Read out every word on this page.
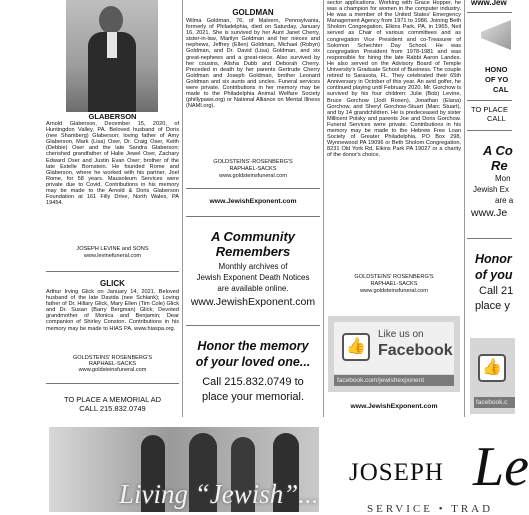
GLABERSON

Arnold Glaberson, December 15, 2020, of Huntingdon Valley, PA. Beloved husband of Doris (nee Shamberg) Glaberson; loving father of Amy Glaberson, Mark (Lisa) Oser, Dr. Craig Oser, Keith (Debbie) Oser and the late Sandra Glaberson; cherished grandfather of Halie Jewel Oser, Zachary Edward Oser and Justin Evan Oser; brother of the late Estelle Bornstein. He founded Rome and Glaberson, where he worked with his partner, Joel Rome, for 58 years. Mausoleum Services were private due to Covid. Contributions in his memory may be made to the Arnold & Doris Glaberson Foundation at 161 Filly Drive, North Wales, PA 19454.

JOSEPH LEVINE and SONS

www.levinefuneral.com

GLICK

Arthur Irving Glick on January 14, 2021. Beloved husband of the late Davida (nee Schlank); Loving father of Dr. Hillary Glick, Mary Ellen (Tim Cole) Glick and Dr. Susan (Barry Bergman) Glick; Devoted grandmother of Monica and Benjamin; Dear companion of Shirley Conston. Contributions in his memory may be made to HIAS PA, www.hiaspa.org.

GOLDSTEINS' ROSENBERG'S

RAPHAEL-SACKS

www.goldsteinsfuneral.com

TO PLACE A MEMORIAL AD

CALL 215.832.0749

GOLDMAN

Wilma Goldman, 76, of Malvern, Pennsylvania, formerly of Philadelphia, died on Saturday, January 16, 2021. She is survived by her Aunt Janet Cherry, sister-in-law, Marilyn Goldman and her nieces and nephews, Jeffrey (Ellen) Goldman, Michael (Robyn) Goldman, and Dr. David (Lisa) Goldman, and six great-nephews and a great-niece. Also survived by her cousins, Alisha Dubb and Deborah Cherry. Preceded in death by her parents Gertrude Cherry Goldman and Joseph Goldman, brother Leonard Goldman and six aunts and uncles. Funeral services were private. Contributions in her memory may be made to the Philadelphia Animal Welfare Society (phillypaws.org) or National Alliance on Mental Illness (NAMI.org).

GOLDSTEINS'-ROSENBERG'S

RAPHAEL-SACKS

www.goldsteinsfuneral.com

www.JewishExponent.com

A Community

Remembers

Monthly archives of

Jewish Exponent Death Notices

are available online.

www.JewishExponent.com

Honor the memory

of your loved one...

Call 215.832.0749 to

place your memorial.

sector applications. Working with Grace Hopper, he was a champion for women in the computer industry. He was a member of the United States' Emergency Management Agency from 1971 to 1986. Joining Beth Sholom Congregation, Elkins Park, PA, in 1965, Neil served as Chair of various committees and as congregation Vice President and co-Treasurer of Solomon Schechter Day School. He was congregation President from 1978-1981 and was responsible for hiring the late Rabbi Aaron Landes. He also served on the Advisory Board of Temple University's Graduate School of Business. The couple retired to Sarasota, FL. They celebrated their 65th Anniversary in October of this year. An avid golfer, he continued playing until February 2020. Mr. Gorchow is survived by his four children: Julie (Bob) Levine, Bruce Gorchow (Jodi Rosen), Jonathan (Elana) Gorchow, and Sheryl Gorchow-Stuart (Marc Stuart), and by 14 grandchildren. He is predeceased by sister Millicent Polsky and parents Joe and Doris Gorchow. Funeral Services were private. Contributions in his memory may be made to the Hebrew Free Loan Society of Greater Philadelphia, PO Box 298, Wynnewood PA 19096 or Beth Sholom Congregation, 8231 Old York Rd, Elkins Park PA 19027 or a charity of the donor's choice.

GOLDSTEINS' ROSENBERG'S

RAPHAEL-SACKS

www.goldsteinsfuneral.com

👍
Like us on
Facebook
facebook.com/jewishexponent

www.JewishExponent.com

www.Jew

HONO

OF YO

CAL

TO PLACE

CALL

A Co

Re

Mon

Jewish Ex

are a

www.Je

Honor

of you

Call 21

place y

👍
facebook.c
Living “Jewish”...
JOSEPH Le
SERVICE • TRAD
